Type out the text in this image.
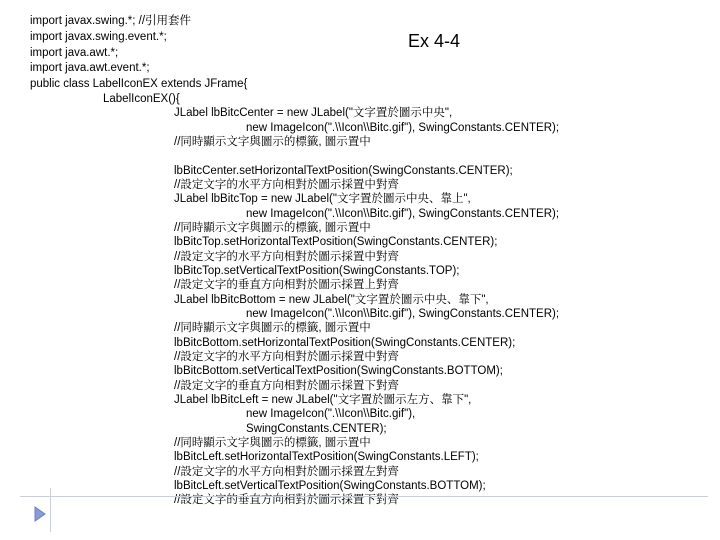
Ex 4-4
import javax.swing.*; //引用套件
import javax.swing.event.*;
import java.awt.*;
import java.awt.event.*;
public class LabelIconEX extends JFrame{
LabelIconEX(){
JLabel lbBitcCenter = new JLabel("文字置於圖示中央",
new ImageIcon(".\\Icon\\Bitc.gif"), SwingConstants.CENTER);
//同時顯示文字與圖示的標籤, 圖示置中
lbBitcCenter.setHorizontalTextPosition(SwingConstants.CENTER);
//設定文字的水平方向相對於圖示採置中對齊
JLabel lbBitcTop = new JLabel("文字置於圖示中央、靠上",
new ImageIcon(".\\Icon\\Bitc.gif"), SwingConstants.CENTER);
//同時顯示文字與圖示的標籤, 圖示置中
lbBitcTop.setHorizontalTextPosition(SwingConstants.CENTER);
//設定文字的水平方向相對於圖示採置中對齊
lbBitcTop.setVerticalTextPosition(SwingConstants.TOP);
//設定文字的垂直方向相對於圖示採置上對齊
JLabel lbBitcBottom = new JLabel("文字置於圖示中央、靠下",
new ImageIcon(".\\Icon\\Bitc.gif"), SwingConstants.CENTER);
//同時顯示文字與圖示的標籤, 圖示置中
lbBitcBottom.setHorizontalTextPosition(SwingConstants.CENTER);
//設定文字的水平方向相對於圖示採置中對齊
lbBitcBottom.setVerticalTextPosition(SwingConstants.BOTTOM);
//設定文字的垂直方向相對於圖示採置下對齊
JLabel lbBitcLeft = new JLabel("文字置於圖示左方、靠下",
new ImageIcon(".\\Icon\\Bitc.gif"),
SwingConstants.CENTER);
//同時顯示文字與圖示的標籤, 圖示置中
lbBitcLeft.setHorizontalTextPosition(SwingConstants.LEFT);
//設定文字的水平方向相對於圖示採置左對齊
lbBitcLeft.setVerticalTextPosition(SwingConstants.BOTTOM);
//設定文字的垂直方向相對於圖示採置下對齊
